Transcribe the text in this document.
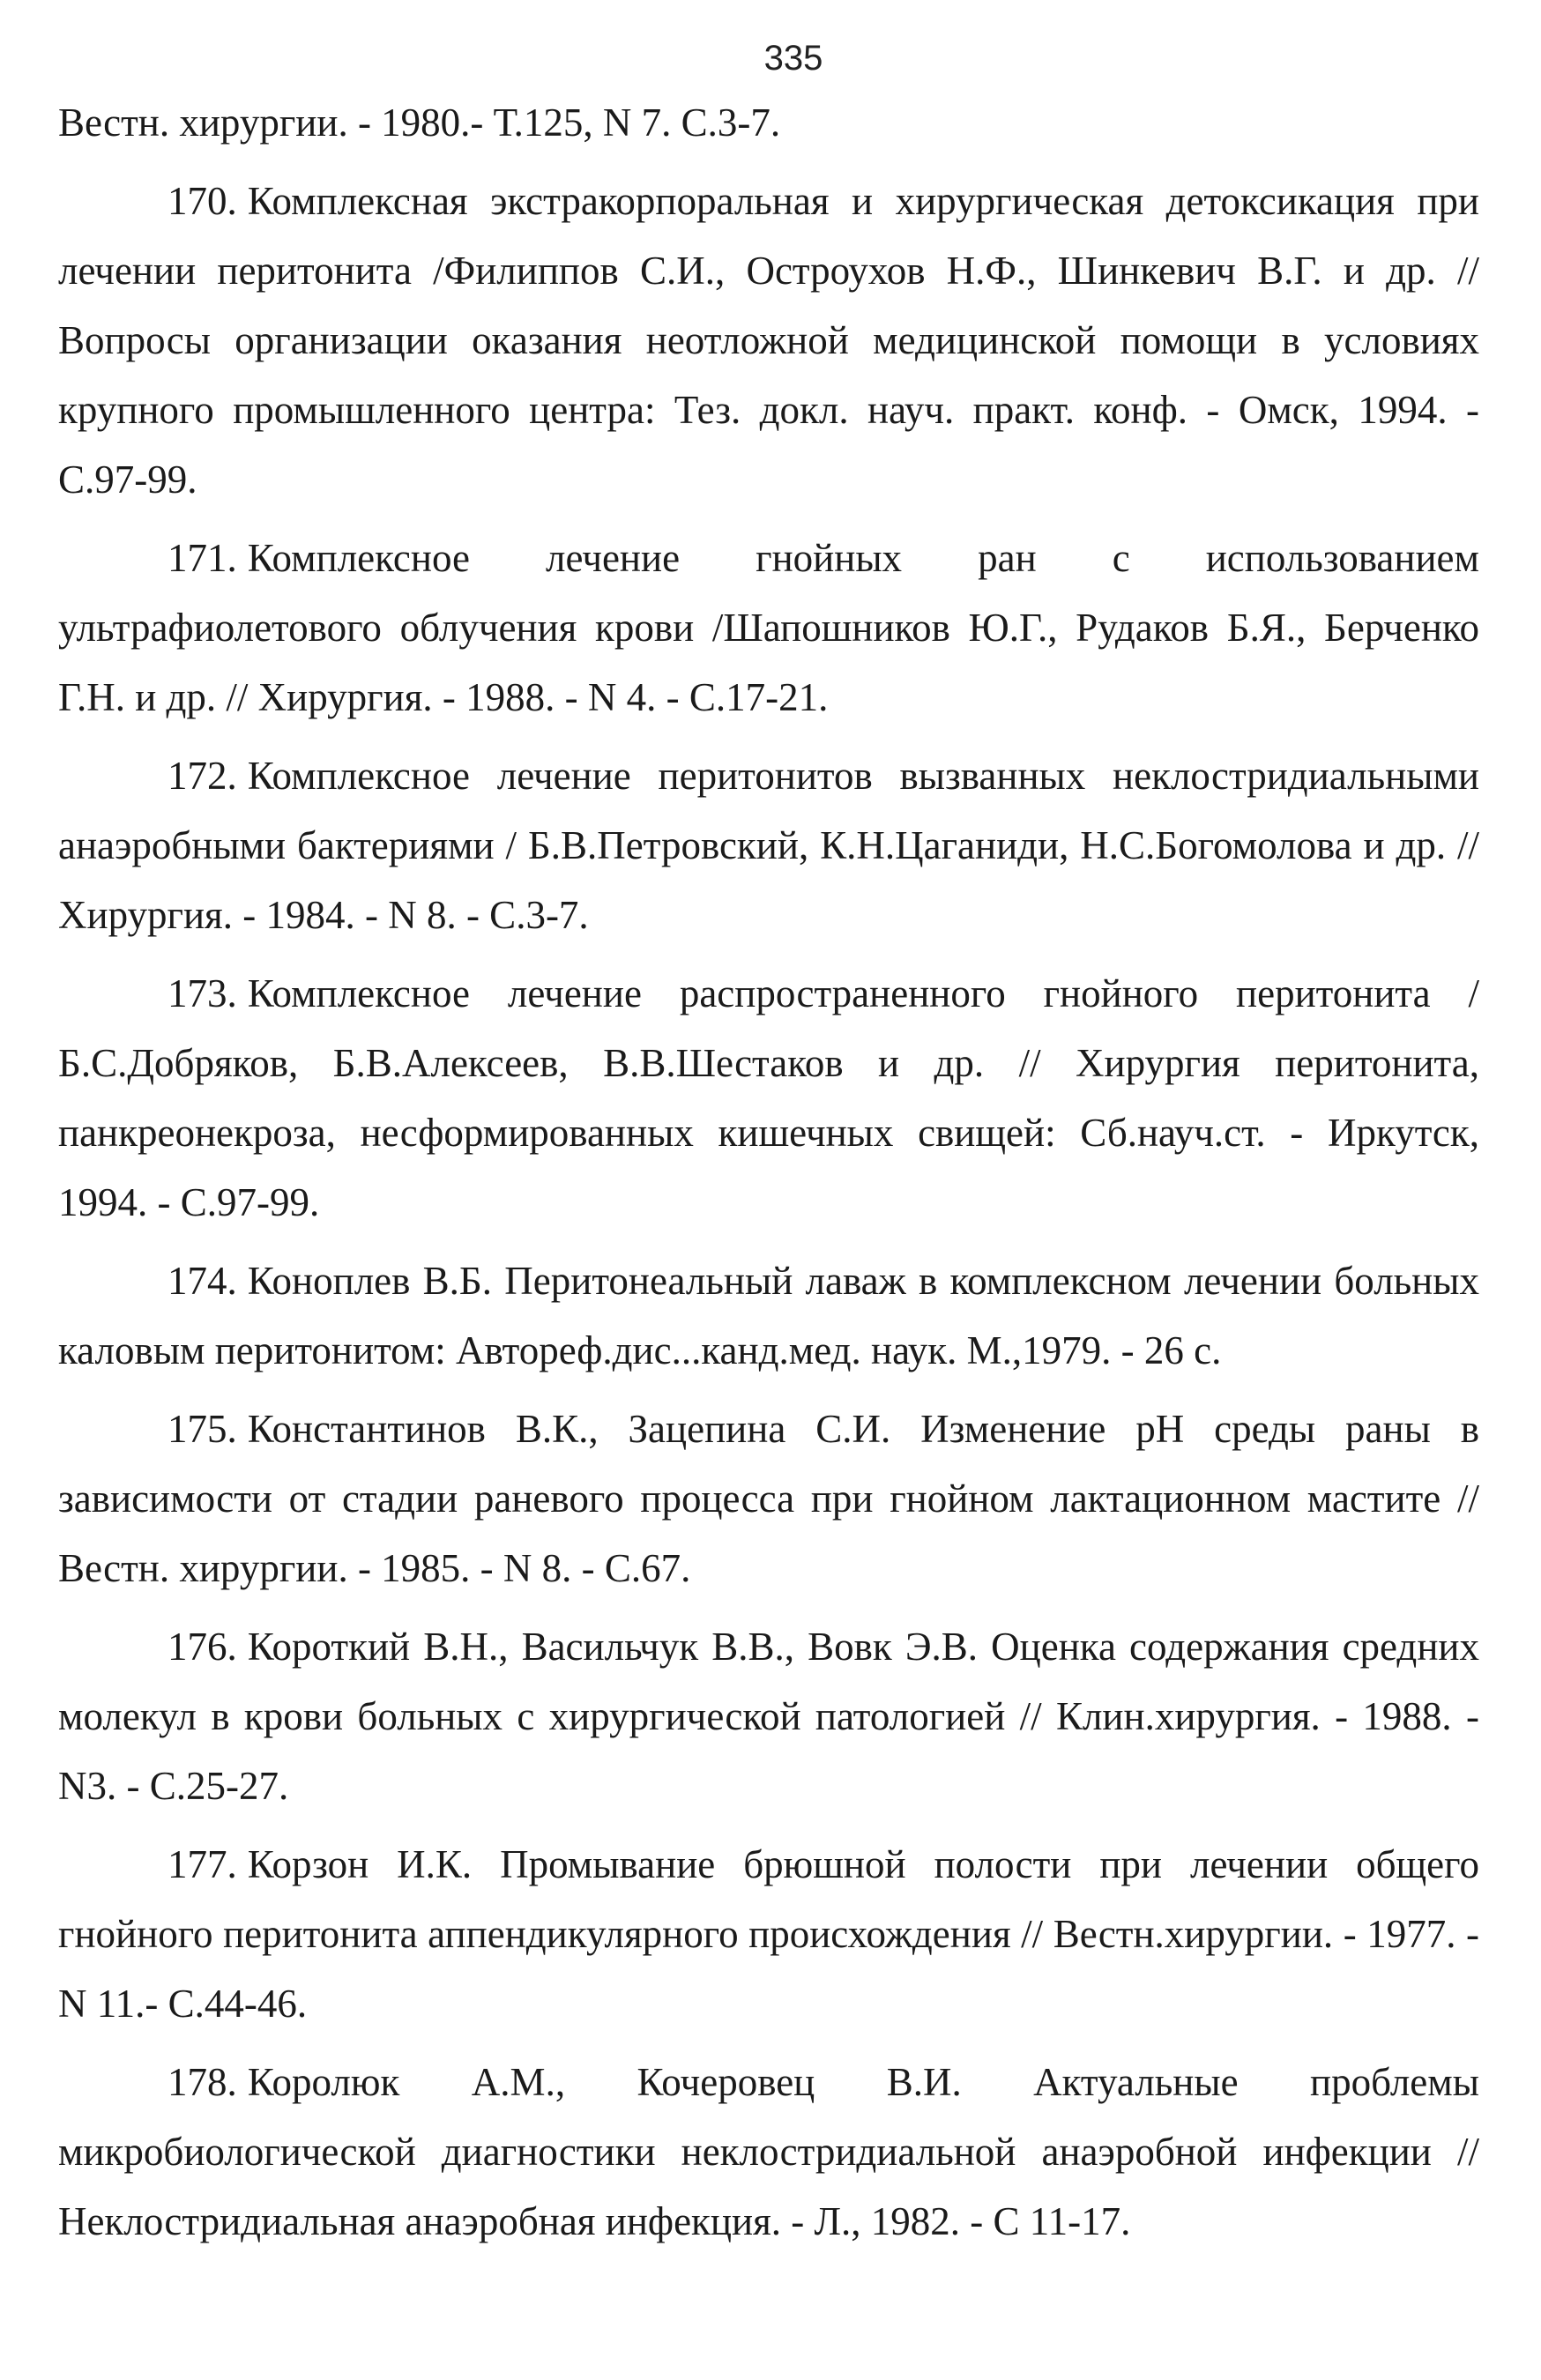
335

Вестн. хирургии. - 1980.- Т.125, N 7. С.3-7.

170. Комплексная экстракорпоральная и хирургическая детоксикация при лечении перитонита /Филиппов С.И., Остроухов Н.Ф., Шинкевич В.Г. и др. // Вопросы организации оказания неотложной медицинской помощи в условиях крупного промышленного центра: Тез. докл. науч. практ. конф. - Омск, 1994. - С.97-99.

171. Комплексное лечение гнойных ран с использованием ультрафиолетового облучения крови /Шапошников Ю.Г., Рудаков Б.Я., Берченко Г.Н. и др. // Хирургия. - 1988. - N 4. - С.17-21.

172. Комплексное лечение перитонитов вызванных неклостридиальными анаэробными бактериями / Б.В.Петровский, К.Н.Цаганиди, Н.С.Богомолова и др. // Хирургия. - 1984. - N 8. - С.3-7.

173. Комплексное лечение распространенного гнойного перитонита / Б.С.Добряков, Б.В.Алексеев, В.В.Шестаков и др. // Хирургия перитонита, панкреонекроза, несформированных кишечных свищей: Сб.науч.ст. - Иркутск, 1994. - С.97-99.

174. Коноплев В.Б. Перитонеальный лаваж в комплексном лечении больных каловым перитонитом: Автореф.дис...канд.мед. наук. М.,1979. - 26 с.

175. Константинов В.К., Зацепина С.И. Изменение pH среды раны в зависимости от стадии раневого процесса при гнойном лактационном мастите // Вестн. хирургии. - 1985. - N 8. - С.67.

176. Короткий В.Н., Васильчук В.В., Вовк Э.В. Оценка содержания средних молекул в крови больных с хирургической патологией // Клин.хирургия. - 1988. - N3. - С.25-27.

177. Корзон И.К. Промывание брюшной полости при лечении общего гнойного перитонита аппендикулярного происхождения // Вестн.хирургии. - 1977. - N 11.- С.44-46.

178. Королюк А.М., Кочеровец В.И. Актуальные проблемы микробиологической диагностики неклостридиальной анаэробной инфекции // Неклостридиальная анаэробная инфекция. - Л., 1982. - С 11-17.
